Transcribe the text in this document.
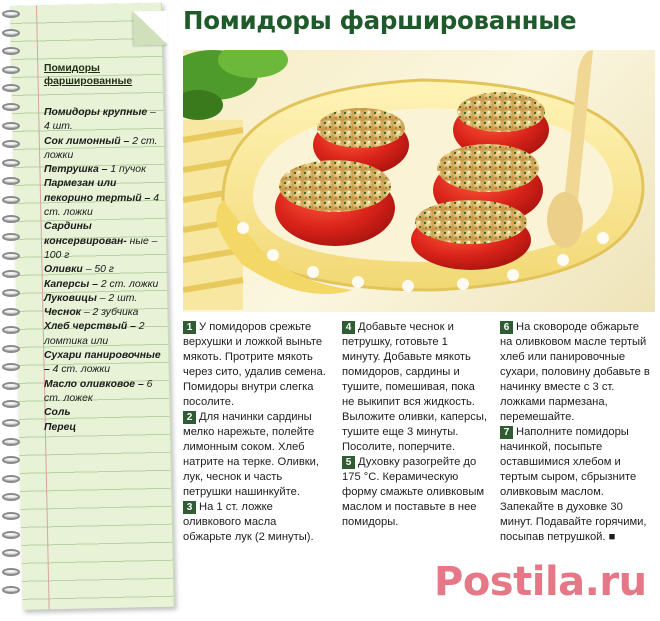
Помидоры фаршированные
Помидоры крупные – 4 шт.
Сок лимонный – 2 ст. ложки
Петрушка – 1 пучок
Пармезан или пекорино тертый – 4 ст. ложки
Сардины консервирован- ные – 100 г
Оливки – 50 г
Каперсы – 2 ст. ложки
Луковицы – 2 шт.
Чеснок – 2 зубчика
Хлеб черствый – 2 ломтика или
Сухари панировочные – 4 ст. ложки
Масло оливковое – 6 ст. ложек
Соль
Перец
Помидоры фаршированные
1 У помидоров срежьте верхушки и ложкой выньте мякоть. Протрите мякоть через сито, удалив семена. Помидоры внутри слегка посолите.
2 Для начинки сардины мелко нарежьте, полейте лимонным соком. Хлеб натрите на терке. Оливки, лук, чеснок и часть петрушки нашинкуйте.
3 На 1 ст. ложке оливкового масла обжарьте лук (2 минуты).
4 Добавьте чеснок и петрушку, готовьте 1 минуту. Добавьте мякоть помидоров, сардины и тушите, помешивая, пока не выкипит вся жидкость. Выложите оливки, каперсы, тушите еще 3 минуты. Посолите, поперчите.
5 Духовку разогрейте до 175 °С. Керамическую форму смажьте оливковым маслом и поставьте в нее помидоры.
6 На сковороде обжарьте на оливковом масле тертый хлеб или панировочные сухари, половину добавьте в начинку вместе с 3 ст. ложками пармезана, перемешайте.
7 Наполните помидоры начинкой, посыпьте оставшимися хлебом и тертым сыром, сбрызните оливковым маслом. Запекайте в духовке 30 минут. Подавайте горячими, посыпав петрушкой. ■
Postila.ru
